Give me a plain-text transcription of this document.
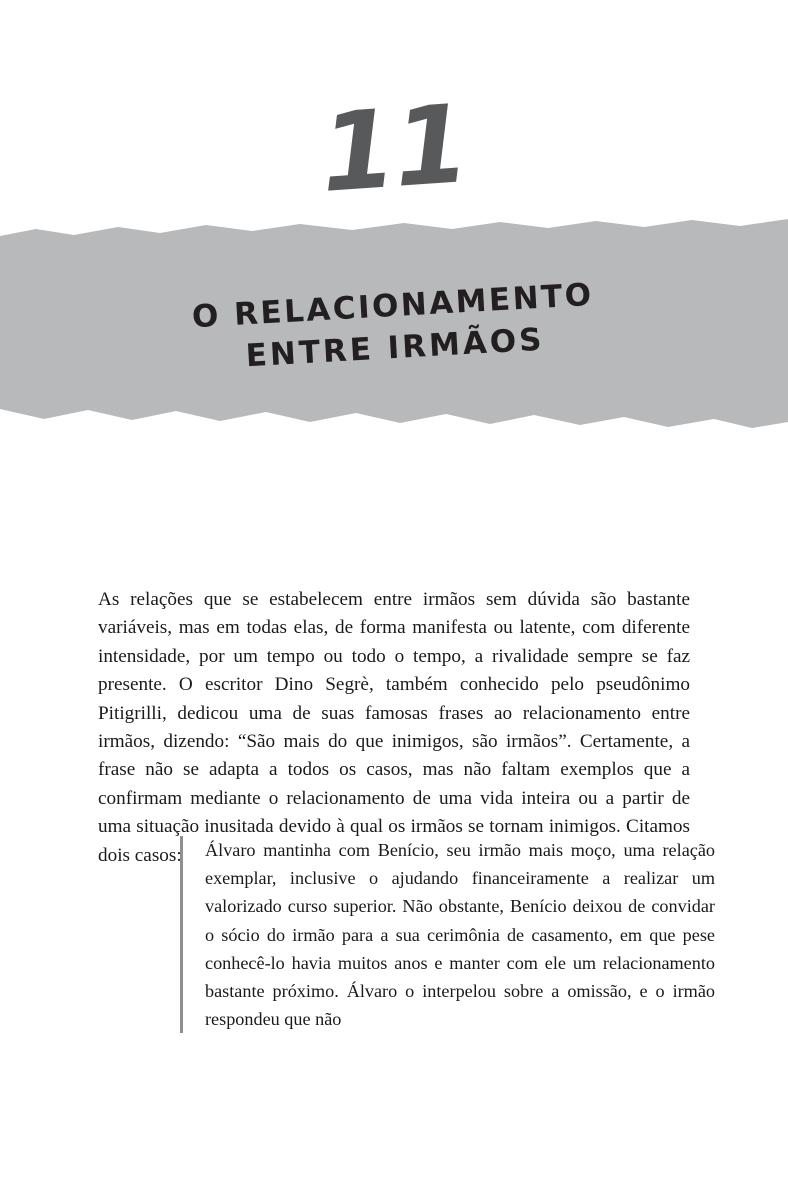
11
O RELACIONAMENTO
ENTRE IRMÃOS

As relações que se estabelecem entre irmãos sem dúvida são bastante variáveis, mas em todas elas, de forma manifesta ou latente, com diferente intensidade, por um tempo ou todo o tempo, a rivalidade sempre se faz presente. O escritor Dino Segrè, também conhecido pelo pseudônimo Pitigrilli, dedicou uma de suas famosas frases ao relacionamento entre irmãos, dizendo: “São mais do que inimigos, são irmãos”. Certamente, a frase não se adapta a todos os casos, mas não faltam exemplos que a confirmam mediante o relacionamento de uma vida inteira ou a partir de uma situação inusitada devido à qual os irmãos se tornam inimigos. Citamos dois casos:	Álvaro mantinha com Benício, seu irmão mais moço, uma relação exemplar, inclusive o ajudando financeiramente a realizar um valorizado curso superior. Não obstante, Benício deixou de convidar o sócio do irmão para a sua cerimônia de casamento, em que pese conhecê-lo havia muitos anos e manter com ele um relacionamento bastante próximo. Álvaro o interpelou sobre a omissão, e o irmão respondeu que não
